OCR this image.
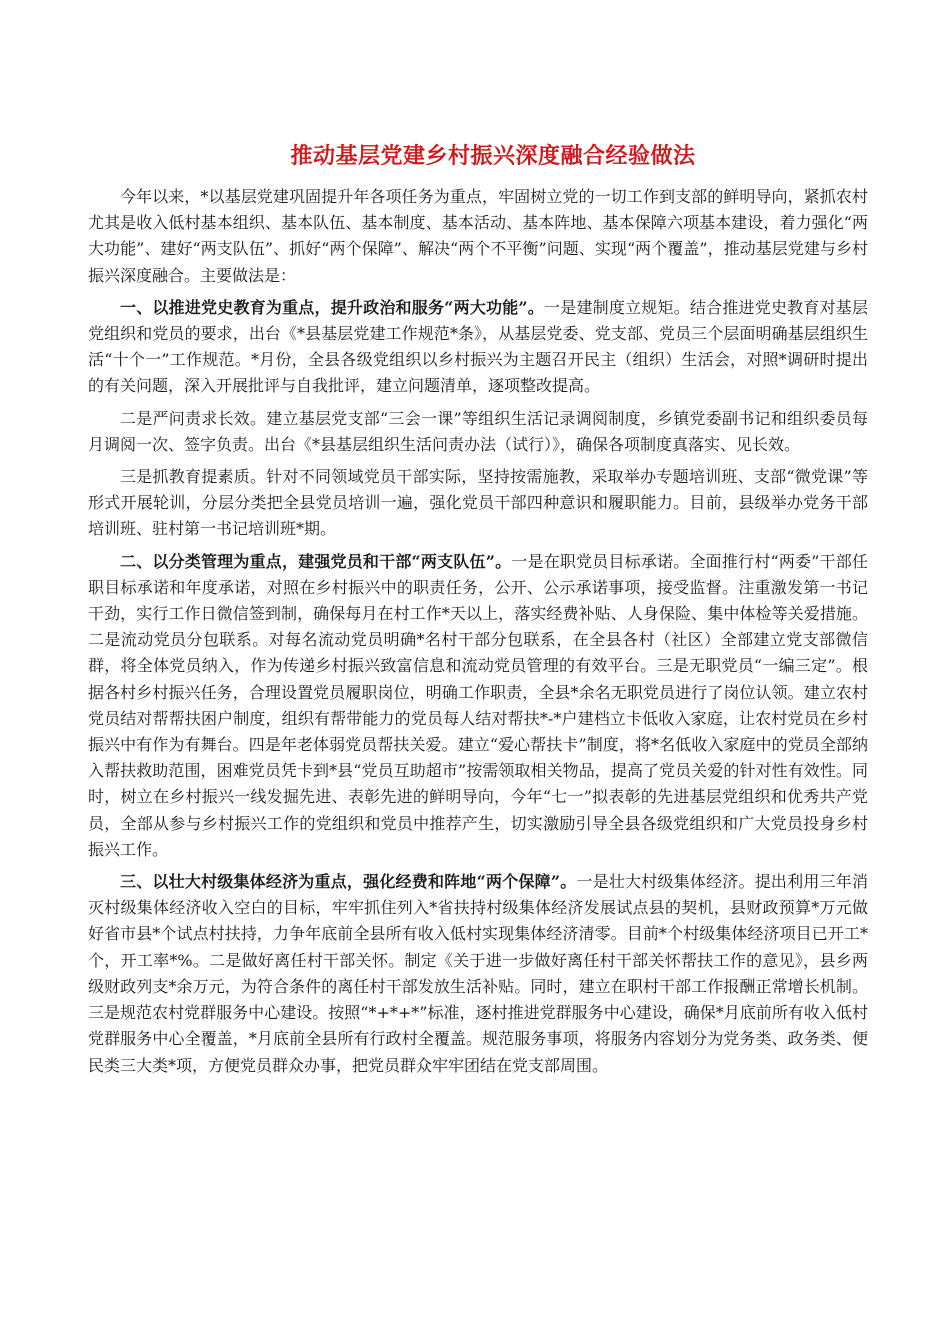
推动基层党建乡村振兴深度融合经验做法

今年以来，*以基层党建巩固提升年各项任务为重点，牢固树立党的一切工作到支部的鲜明导向，紧抓农村尤其是收入低村基本组织、基本队伍、基本制度、基本活动、基本阵地、基本保障六项基本建设，着力强化“两大功能”、建好“两支队伍”、抓好“两个保障”、解决“两个不平衡”问题、实现“两个覆盖”，推动基层党建与乡村振兴深度融合。主要做法是：

一、以推进党史教育为重点，提升政治和服务“两大功能”。一是建制度立规矩。结合推进党史教育对基层党组织和党员的要求，出台《*县基层党建工作规范*条》，从基层党委、党支部、党员三个层面明确基层组织生活“十个一”工作规范。*月份，全县各级党组织以乡村振兴为主题召开民主（组织）生活会，对照*调研时提出的有关问题，深入开展批评与自我批评，建立问题清单，逐项整改提高。

二是严问责求长效。建立基层党支部“三会一课”等组织生活记录调阅制度，乡镇党委副书记和组织委员每月调阅一次、签字负责。出台《*县基层组织生活问责办法（试行）》，确保各项制度真落实、见长效。

三是抓教育提素质。针对不同领域党员干部实际，坚持按需施教，采取举办专题培训班、支部“微党课”等形式开展轮训，分层分类把全县党员培训一遍，强化党员干部四种意识和履职能力。目前，县级举办党务干部培训班、驻村第一书记培训班*期。

二、以分类管理为重点，建强党员和干部“两支队伍”。一是在职党员目标承诺。全面推行村“两委”干部任职目标承诺和年度承诺，对照在乡村振兴中的职责任务，公开、公示承诺事项，接受监督。注重激发第一书记干劲，实行工作日微信签到制，确保每月在村工作*天以上，落实经费补贴、人身保险、集中体检等关爱措施。二是流动党员分包联系。对每名流动党员明确*名村干部分包联系，在全县各村（社区）全部建立党支部微信群，将全体党员纳入，作为传递乡村振兴致富信息和流动党员管理的有效平台。三是无职党员“一编三定”。根据各村乡村振兴任务，合理设置党员履职岗位，明确工作职责，全县*余名无职党员进行了岗位认领。建立农村党员结对帮帮扶困户制度，组织有帮带能力的党员每人结对帮扶*-*户建档立卡低收入家庭，让农村党员在乡村振兴中有作为有舞台。四是年老体弱党员帮扶关爱。建立“爱心帮扶卡”制度，将*名低收入家庭中的党员全部纳入帮扶救助范围，困难党员凭卡到*县“党员互助超市”按需领取相关物品，提高了党员关爱的针对性有效性。同时，树立在乡村振兴一线发掘先进、表彰先进的鲜明导向，今年“七一”拟表彰的先进基层党组织和优秀共产党员，全部从参与乡村振兴工作的党组织和党员中推荐产生，切实激励引导全县各级党组织和广大党员投身乡村振兴工作。

三、以壮大村级集体经济为重点，强化经费和阵地“两个保障”。一是壮大村级集体经济。提出利用三年消灭村级集体经济收入空白的目标，牢牢抓住列入*省扶持村级集体经济发展试点县的契机，县财政预算*万元做好省市县*个试点村扶持，力争年底前全县所有收入低村实现集体经济清零。目前*个村级集体经济项目已开工*个，开工率*%。二是做好离任村干部关怀。制定《关于进一步做好离任村干部关怀帮扶工作的意见》，县乡两级财政列支*余万元，为符合条件的离任村干部发放生活补贴。同时，建立在职村干部工作报酬正常增长机制。三是规范农村党群服务中心建设。按照“*+*+*”标准，逐村推进党群服务中心建设，确保*月底前所有收入低村党群服务中心全覆盖，*月底前全县所有行政村全覆盖。规范服务事项，将服务内容划分为党务类、政务类、便民类三大类*项，方便党员群众办事，把党员群众牢牢团结在党支部周围。
